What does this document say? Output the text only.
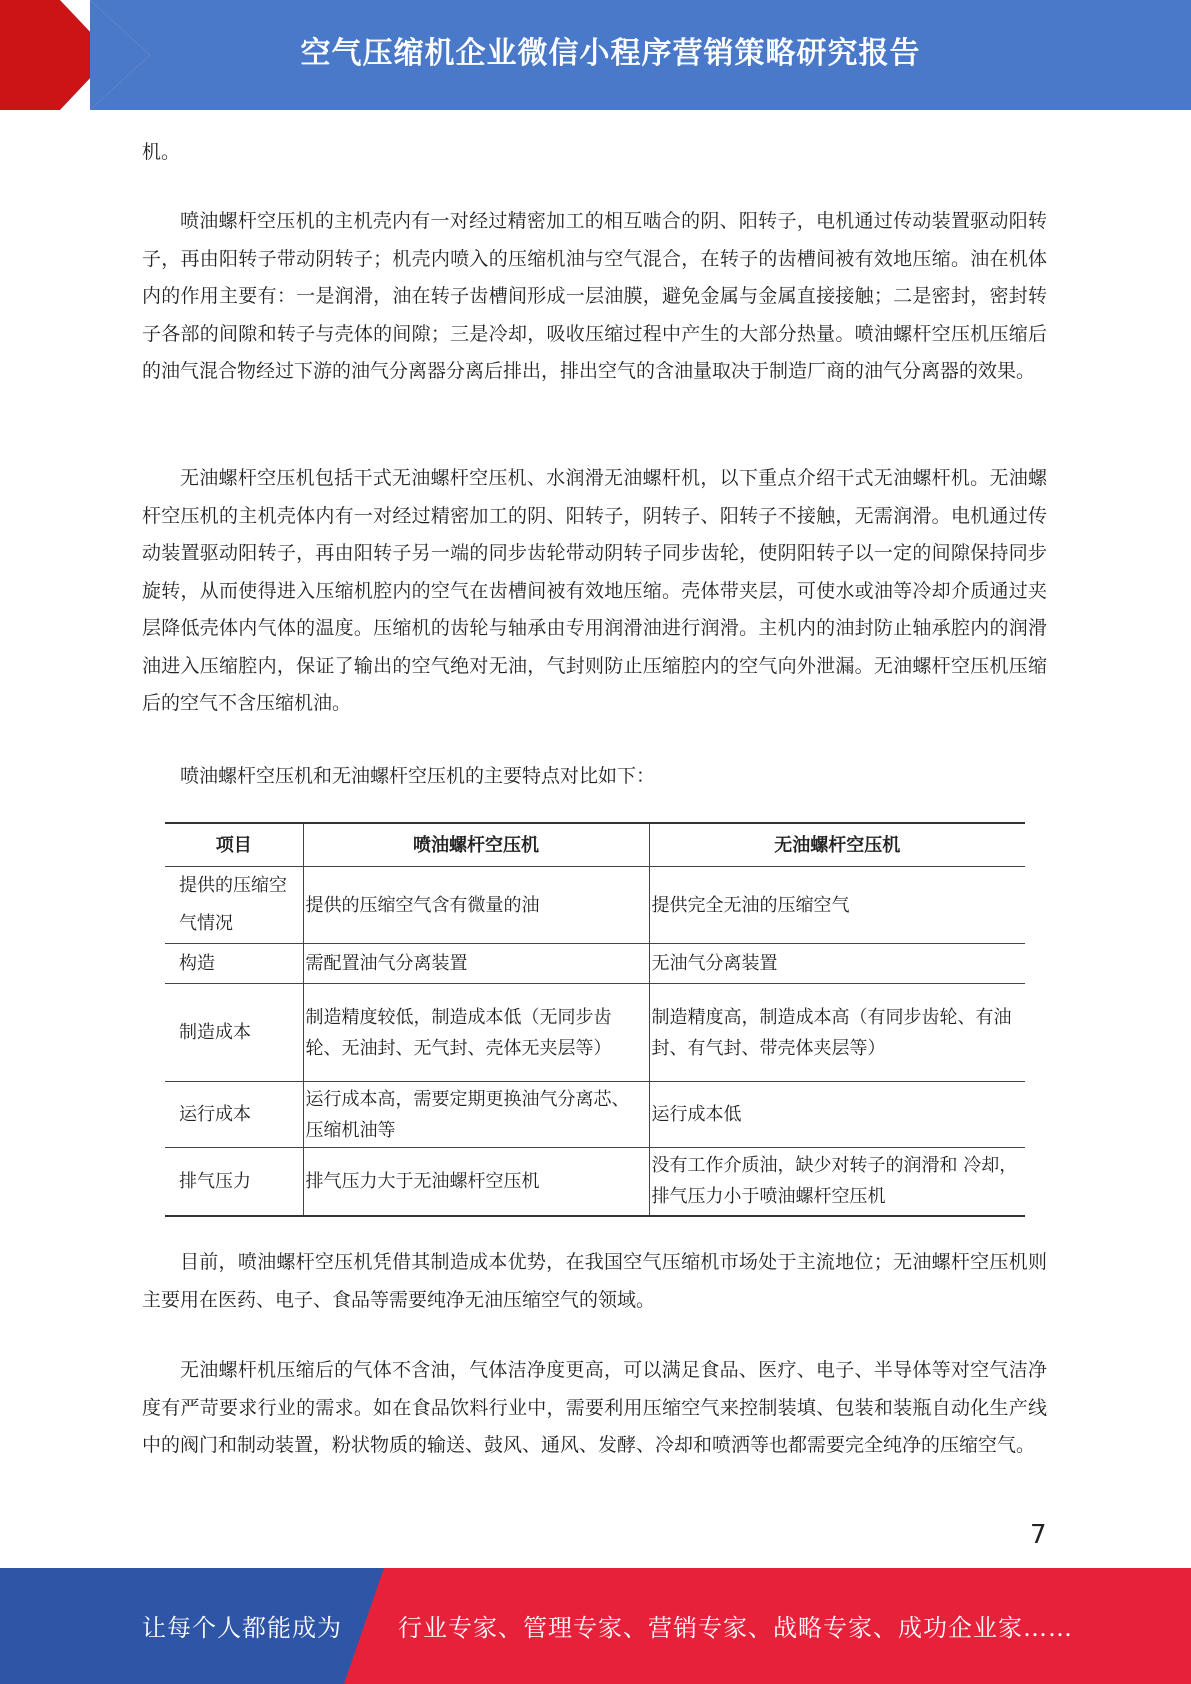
空气压缩机企业微信小程序营销策略研究报告

机。

喷油螺杆空压机的主机壳内有一对经过精密加工的相互啮合的阴、阳转子，电机通过传动装置驱动阳转子，再由阳转子带动阴转子；机壳内喷入的压缩机油与空气混合，在转子的齿槽间被有效地压缩。油在机体内的作用主要有：一是润滑，油在转子齿槽间形成一层油膜，避免金属与金属直接接触；二是密封，密封转子各部的间隙和转子与壳体的间隙；三是冷却，吸收压缩过程中产生的大部分热量。喷油螺杆空压机压缩后的油气混合物经过下游的油气分离器分离后排出，排出空气的含油量取决于制造厂商的油气分离器的效果。

无油螺杆空压机包括干式无油螺杆空压机、水润滑无油螺杆机，以下重点介绍干式无油螺杆机。无油螺杆空压机的主机壳体内有一对经过精密加工的阴、阳转子，阴转子、阳转子不接触，无需润滑。电机通过传动装置驱动阳转子，再由阳转子另一端的同步齿轮带动阴转子同步齿轮，使阴阳转子以一定的间隙保持同步旋转，从而使得进入压缩机腔内的空气在齿槽间被有效地压缩。壳体带夹层，可使水或油等冷却介质通过夹层降低壳体内气体的温度。压缩机的齿轮与轴承由专用润滑油进行润滑。主机内的油封防止轴承腔内的润滑油进入压缩腔内，保证了输出的空气绝对无油，气封则防止压缩腔内的空气向外泄漏。无油螺杆空压机压缩后的空气不含压缩机油。

喷油螺杆空压机和无油螺杆空压机的主要特点对比如下：

目前，喷油螺杆空压机凭借其制造成本优势，在我国空气压缩机市场处于主流地位；无油螺杆空压机则主要用在医药、电子、食品等需要纯净无油压缩空气的领域。

无油螺杆机压缩后的气体不含油，气体洁净度更高，可以满足食品、医疗、电子、半导体等对空气洁净度有严苛要求行业的需求。如在食品饮料行业中，需要利用压缩空气来控制装填、包装和装瓶自动化生产线中的阀门和制动装置，粉状物质的输送、鼓风、通风、发酵、冷却和喷洒等也都需要完全纯净的压缩空气。

项目	喷油螺杆空压机	无油螺杆空压机
提供的压缩空气情况	提供的压缩空气含有微量的油	提供完全无油的压缩空气
构造	需配置油气分离装置	无油气分离装置
制造成本	制造精度较低，制造成本低（无同步齿轮、无油封、无气封、壳体无夹层等）	制造精度高，制造成本高（有同步齿轮、有油封、有气封、带壳体夹层等）
运行成本	运行成本高，需要定期更换油气分离芯、压缩机油等	运行成本低
排气压力	排气压力大于无油螺杆空压机	没有工作介质油，缺少对转子的润滑和 冷却，排气压力小于喷油螺杆空压机
7
让每个人都能成为 行业专家、管理专家、营销专家、战略专家、成功企业家……
